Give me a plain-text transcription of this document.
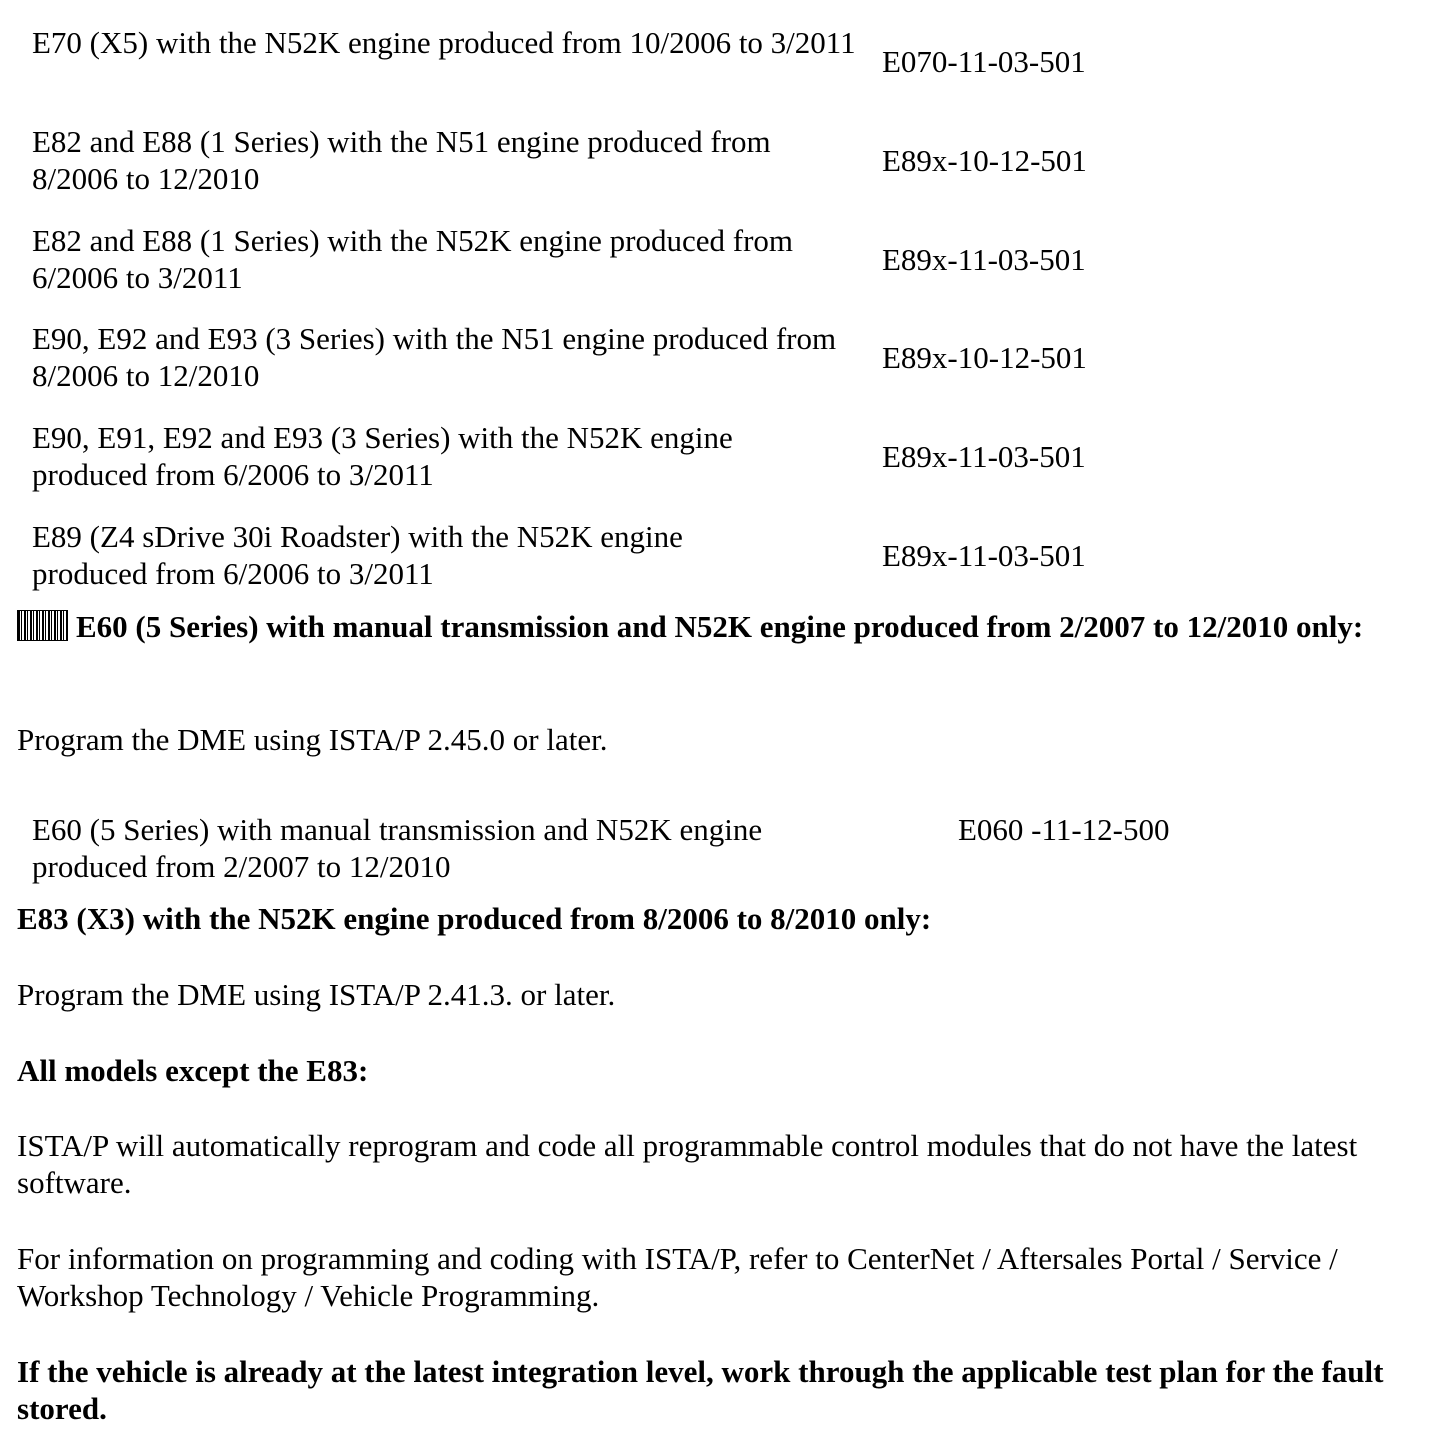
E70 (X5) with the N52K engine produced from 10/2006 to 3/2011
E070-11-03-501
E82 and E88 (1 Series) with the N51 engine produced from 8/2006 to 12/2010
E89x-10-12-501
E82 and E88 (1 Series) with the N52K engine produced from 6/2006 to 3/2011
E89x-11-03-501
E90, E92 and E93 (3 Series) with the N51 engine produced from 8/2006 to 12/2010
E89x-10-12-501
E90, E91, E92 and E93 (3 Series) with the N52K engine produced from 6/2006 to 3/2011
E89x-11-03-501
E89 (Z4 sDrive 30i Roadster) with the N52K engine produced from 6/2006 to 3/2011
E89x-11-03-501
E60 (5 Series) with manual transmission and N52K engine produced from 2/2007 to 12/2010 only:
Program the DME using ISTA/P 2.45.0 or later.
E60 (5 Series) with manual transmission and N52K engine produced from 2/2007 to 12/2010
E060 -11-12-500
E83 (X3) with the N52K engine produced from 8/2006 to 8/2010 only:
Program the DME using ISTA/P 2.41.3. or later.
All models except the E83:
ISTA/P will automatically reprogram and code all programmable control modules that do not have the latest software.
For information on programming and coding with ISTA/P, refer to CenterNet / Aftersales Portal / Service / Workshop Technology / Vehicle Programming.
If the vehicle is already at the latest integration level, work through the applicable test plan for the fault stored.
